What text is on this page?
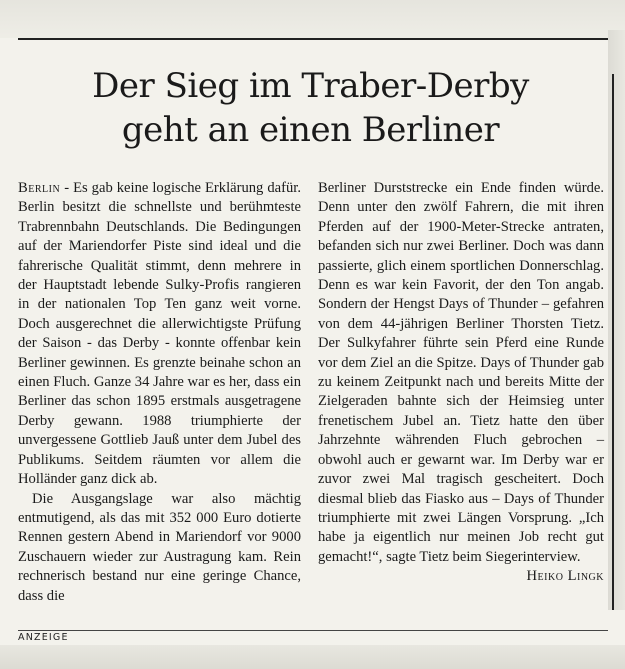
Der Sieg im Traber-Derby
geht an einen Berliner

Berlin - Es gab keine logische Erklärung dafür. Berlin besitzt die schnellste und berühmteste Trabrennbahn Deutschlands. Die Bedingungen auf der Mariendorfer Piste sind ideal und die fahrerische Qualität stimmt, denn mehrere in der Hauptstadt lebende Sulky-Profis rangieren in der nationalen Top Ten ganz weit vorne. Doch ausgerechnet die allerwichtigste Prüfung der Saison - das Derby - konnte offenbar kein Berliner gewinnen. Es grenzte beinahe schon an einen Fluch. Ganze 34 Jahre war es her, dass ein Berliner das schon 1895 erstmals ausgetragene Derby gewann. 1988 triumphierte der unvergessene Gottlieb Jauß unter dem Jubel des Publikums. Seitdem räumten vor allem die Holländer ganz dick ab.

Die Ausgangslage war also mächtig entmutigend, als das mit 352 000 Euro dotierte Rennen gestern Abend in Mariendorf vor 9000 Zuschauern wieder zur Austragung kam. Rein rechnerisch bestand nur eine geringe Chance, dass die

Berliner Durststrecke ein Ende finden würde. Denn unter den zwölf Fahrern, die mit ihren Pferden auf der 1900-Meter-Strecke antraten, befanden sich nur zwei Berliner. Doch was dann passierte, glich einem sportlichen Donnerschlag. Denn es war kein Favorit, der den Ton angab. Sondern der Hengst Days of Thunder – gefahren von dem 44-jährigen Berliner Thorsten Tietz. Der Sulkyfahrer führte sein Pferd eine Runde vor dem Ziel an die Spitze. Days of Thunder gab zu keinem Zeitpunkt nach und bereits Mitte der Zielgeraden bahnte sich der Heimsieg unter frenetischem Jubel an. Tietz hatte den über Jahrzehnte währenden Fluch gebrochen – obwohl auch er gewarnt war. Im Derby war er zuvor zwei Mal tragisch gescheitert. Doch diesmal blieb das Fiasko aus – Days of Thunder triumphierte mit zwei Längen Vorsprung. „Ich habe ja eigentlich nur meinen Job recht gut gemacht!“, sagte Tietz beim Siegerinterview.
Heiko Lingk

ANZEIGE
